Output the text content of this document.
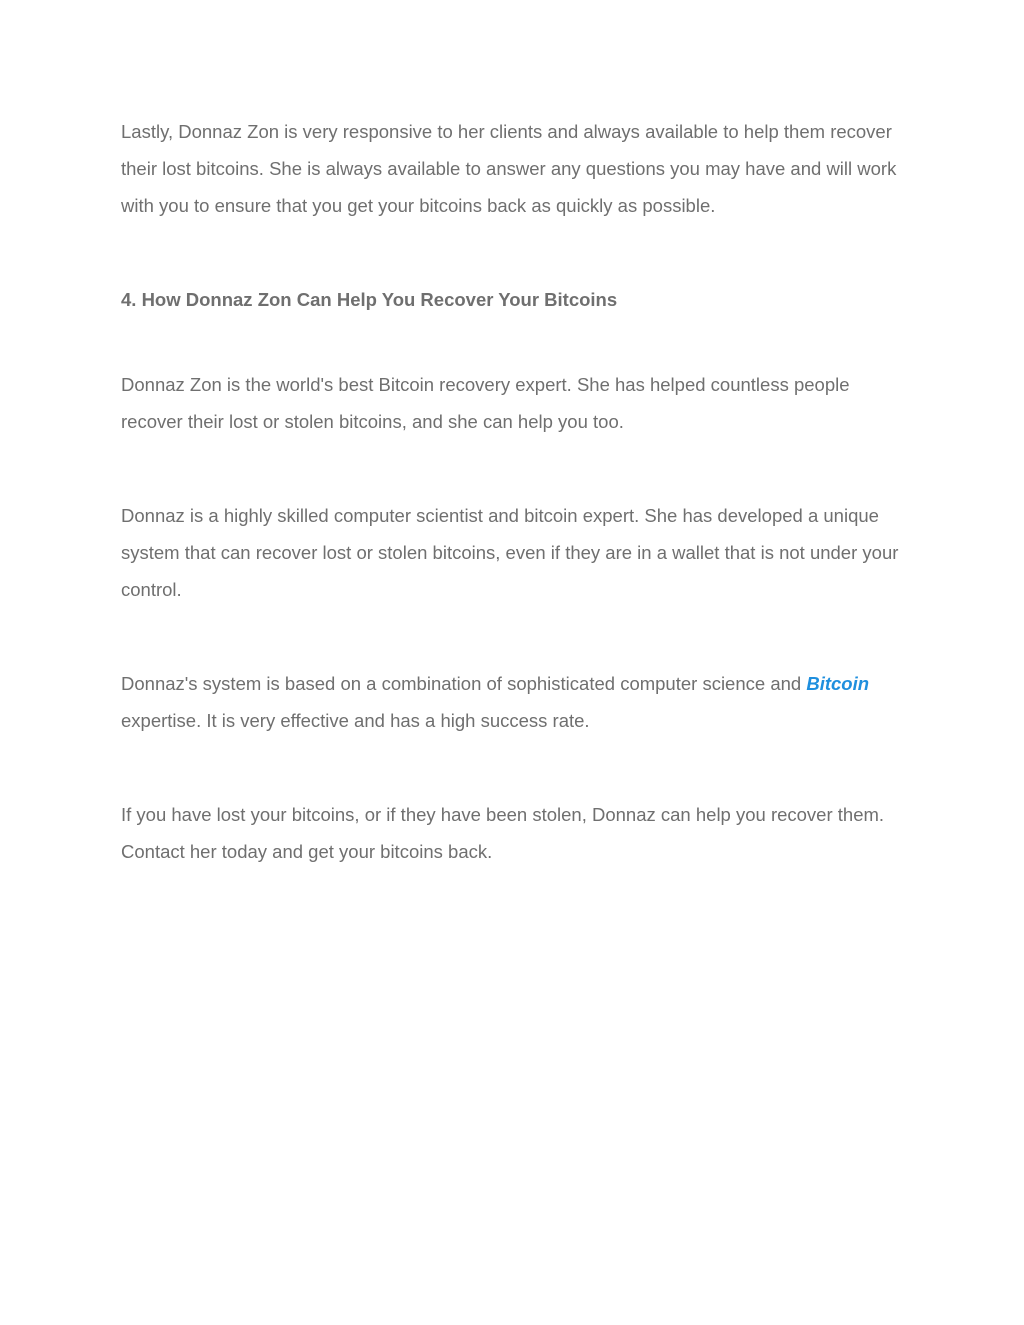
Lastly, Donnaz Zon is very responsive to her clients and always available to help them recover their lost bitcoins. She is always available to answer any questions you may have and will work with you to ensure that you get your bitcoins back as quickly as possible.

4. How Donnaz Zon Can Help You Recover Your Bitcoins

Donnaz Zon is the world's best Bitcoin recovery expert. She has helped countless people recover their lost or stolen bitcoins, and she can help you too.

Donnaz is a highly skilled computer scientist and bitcoin expert. She has developed a unique system that can recover lost or stolen bitcoins, even if they are in a wallet that is not under your control.

Donnaz's system is based on a combination of sophisticated computer science and Bitcoin expertise. It is very effective and has a high success rate.

If you have lost your bitcoins, or if they have been stolen, Donnaz can help you recover them. Contact her today and get your bitcoins back.
